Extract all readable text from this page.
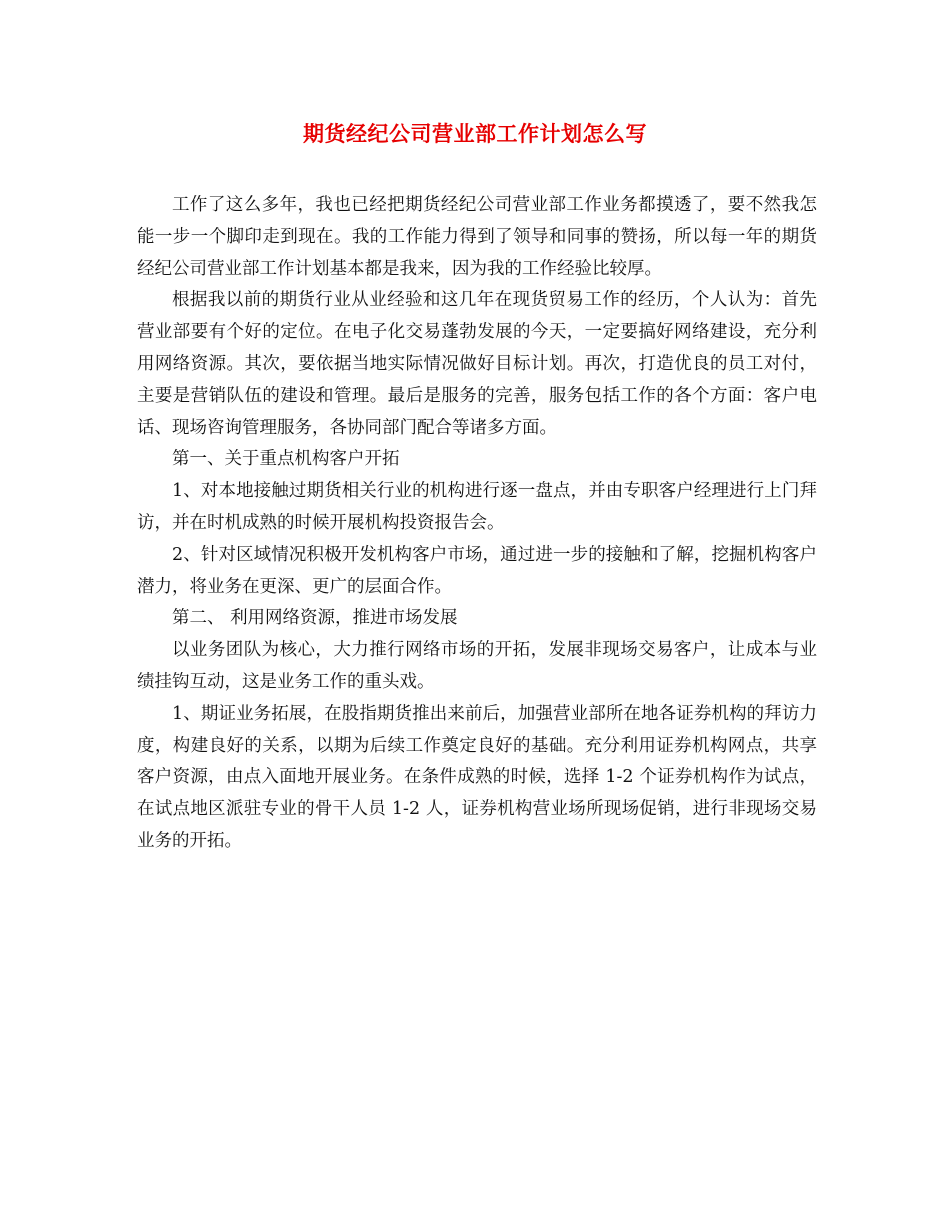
期货经纪公司营业部工作计划怎么写

工作了这么多年，我也已经把期货经纪公司营业部工作业务都摸透了，要不然我怎能一步一个脚印走到现在。我的工作能力得到了领导和同事的赞扬，所以每一年的期货经纪公司营业部工作计划基本都是我来，因为我的工作经验比较厚。

根据我以前的期货行业从业经验和这几年在现货贸易工作的经历，个人认为：首先营业部要有个好的定位。在电子化交易蓬勃发展的今天，一定要搞好网络建设，充分利用网络资源。其次，要依据当地实际情况做好目标计划。再次，打造优良的员工对付，主要是营销队伍的建设和管理。最后是服务的完善，服务包括工作的各个方面：客户电话、现场咨询管理服务，各协同部门配合等诸多方面。

第一、关于重点机构客户开拓

1、对本地接触过期货相关行业的机构进行逐一盘点，并由专职客户经理进行上门拜访，并在时机成熟的时候开展机构投资报告会。

2、针对区域情况积极开发机构客户市场，通过进一步的接触和了解，挖掘机构客户潜力，将业务在更深、更广的层面合作。

第二、 利用网络资源，推进市场发展

以业务团队为核心，大力推行网络市场的开拓，发展非现场交易客户，让成本与业绩挂钩互动，这是业务工作的重头戏。

1、期证业务拓展，在股指期货推出来前后，加强营业部所在地各证券机构的拜访力度，构建良好的关系，以期为后续工作奠定良好的基础。充分利用证券机构网点，共享客户资源，由点入面地开展业务。在条件成熟的时候，选择 1-2 个证券机构作为试点，在试点地区派驻专业的骨干人员 1-2 人，证券机构营业场所现场促销，进行非现场交易业务的开拓。
